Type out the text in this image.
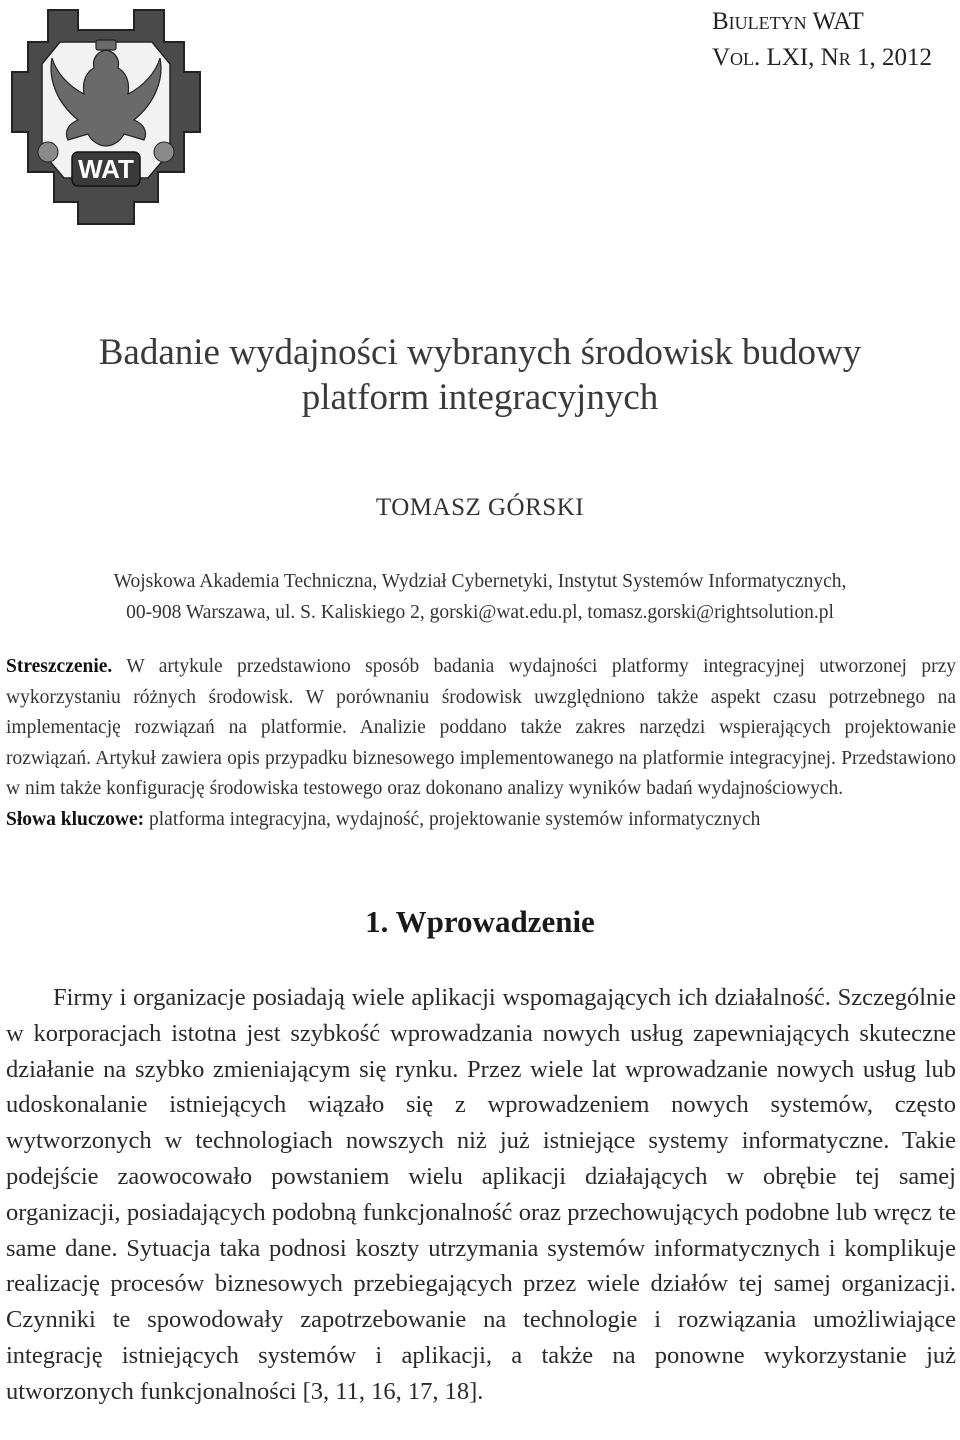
WAT
Biuletyn WAT
Vol. LXI, Nr 1, 2012
Badanie wydajności wybranych środowisk budowy
platform integracyjnych
TOMASZ GÓRSKI
Wojskowa Akademia Techniczna, Wydział Cybernetyki, Instytut Systemów Informatycznych,
00-908 Warszawa, ul. S. Kaliskiego 2, gorski@wat.edu.pl, tomasz.gorski@rightsolution.pl
Streszczenie. W artykule przedstawiono sposób badania wydajności platformy integracyjnej utworzonej przy wykorzystaniu różnych środowisk. W porównaniu środowisk uwzględniono także aspekt czasu potrzebnego na implementację rozwiązań na platformie. Analizie poddano także zakres narzędzi wspierających projektowanie rozwiązań. Artykuł zawiera opis przypadku biznesowego implementowanego na platformie integracyjnej. Przedstawiono w nim także konfigurację środowiska testowego oraz dokonano analizy wyników badań wydajnościowych.
Słowa kluczowe: platforma integracyjna, wydajność, projektowanie systemów informatycznych
1. Wprowadzenie

Firmy i organizacje posiadają wiele aplikacji wspomagających ich działalność. Szczególnie w korporacjach istotna jest szybkość wprowadzania nowych usług zapewniających skuteczne działanie na szybko zmieniającym się rynku. Przez wiele lat wprowadzanie nowych usług lub udoskonalanie istniejących wiązało się z wprowadzeniem nowych systemów, często wytworzonych w technologiach nowszych niż już istniejące systemy informatyczne. Takie podejście zaowocowało powstaniem wielu aplikacji działających w obrębie tej samej organizacji, posiadających podobną funkcjonalność oraz przechowujących podobne lub wręcz te same dane. Sytuacja taka podnosi koszty utrzymania systemów informatycznych i komplikuje realizację procesów biznesowych przebiegających przez wiele działów tej samej organizacji. Czynniki te spowodowały zapotrzebowanie na technologie i rozwiązania umożliwiające integrację istniejących systemów i aplikacji, a także na ponowne wykorzystanie już utworzonych funkcjonalności [3, 11, 16, 17, 18].
